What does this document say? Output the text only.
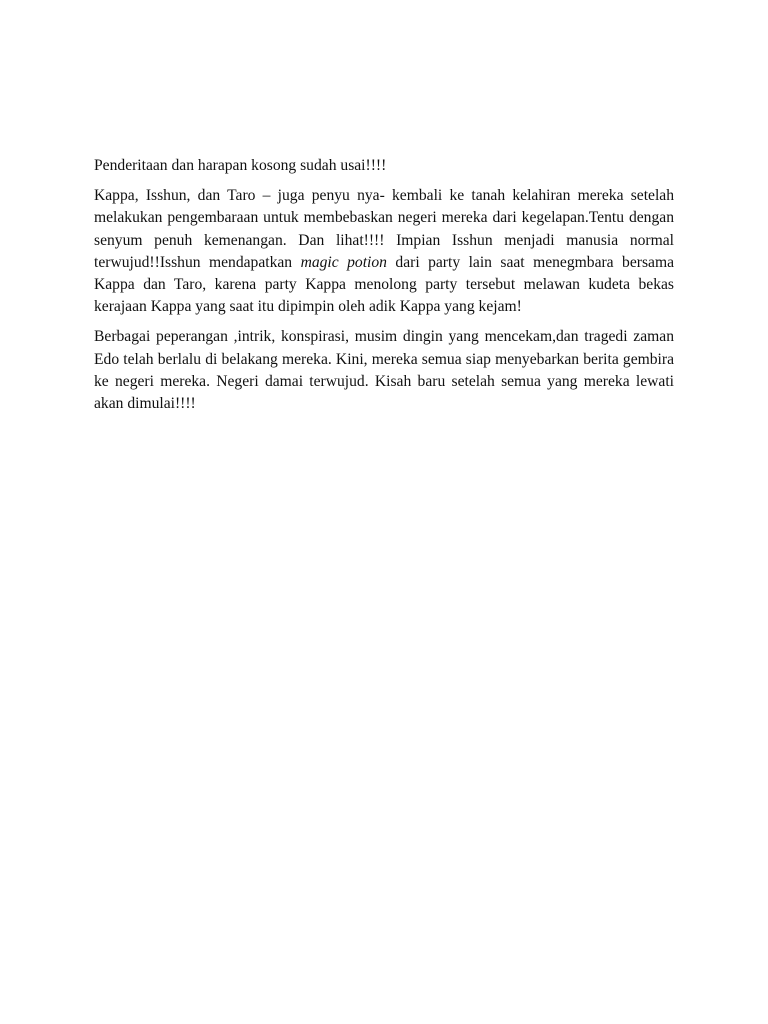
Penderitaan dan harapan kosong sudah usai!!!!

Kappa, Isshun, dan Taro – juga penyu nya- kembali ke tanah kelahiran mereka setelah melakukan pengembaraan untuk membebaskan negeri mereka dari kegelapan.Tentu dengan senyum penuh kemenangan. Dan lihat!!!! Impian Isshun menjadi manusia normal terwujud!!Isshun mendapatkan magic potion dari party lain saat menegmbara bersama Kappa dan Taro, karena party Kappa menolong party tersebut melawan kudeta bekas kerajaan Kappa yang saat itu dipimpin oleh adik Kappa yang kejam!

Berbagai peperangan ,intrik, konspirasi, musim dingin yang mencekam,dan tragedi zaman Edo telah berlalu di belakang mereka. Kini, mereka semua siap menyebarkan berita gembira ke negeri mereka. Negeri damai terwujud. Kisah baru setelah semua yang mereka lewati akan dimulai!!!!
